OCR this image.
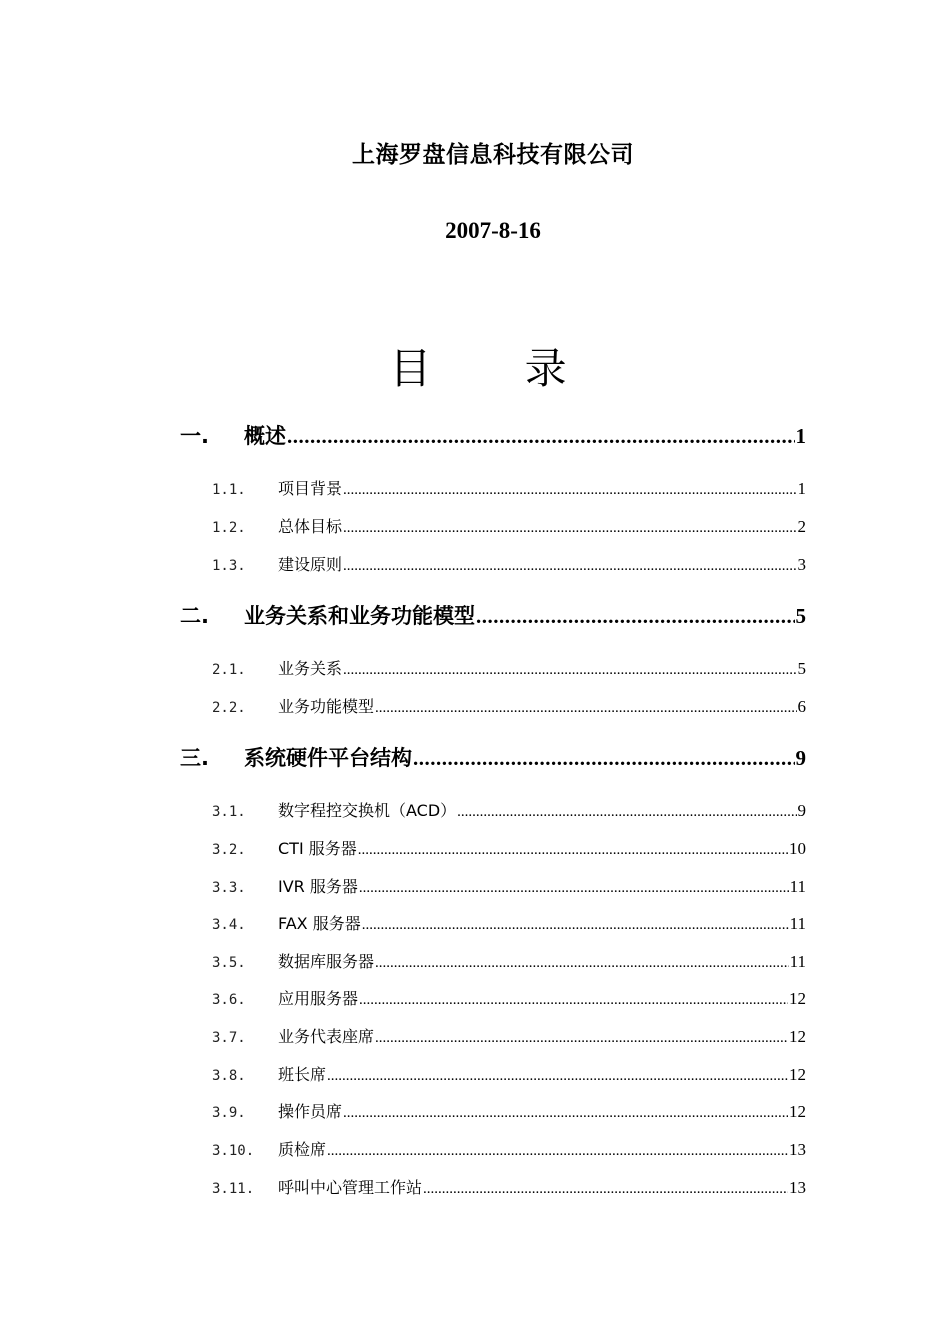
上海罗盘信息科技有限公司
2007-8-16
目 录
一.	概述 .....	1
1.1.	项目背景 .....	1
1.2.	总体目标 .....	2
1.3.	建设原则 .....	3
二.	业务关系和业务功能模型 .....	5
2.1.	业务关系 .....	5
2.2.	业务功能模型 .....	6
三.	系统硬件平台结构 .....	9
3.1.	数字程控交换机（ACD） .....	9
3.2.	CTI 服务器 .....	10
3.3.	IVR 服务器 .....	11
3.4.	FAX 服务器 .....	11
3.5.	数据库服务器 .....	11
3.6.	应用服务器 .....	12
3.7.	业务代表座席 .....	12
3.8.	班长席 .....	12
3.9.	操作员席 .....	12
3.10.	质检席 .....	13
3.11.	呼叫中心管理工作站 .....	13
